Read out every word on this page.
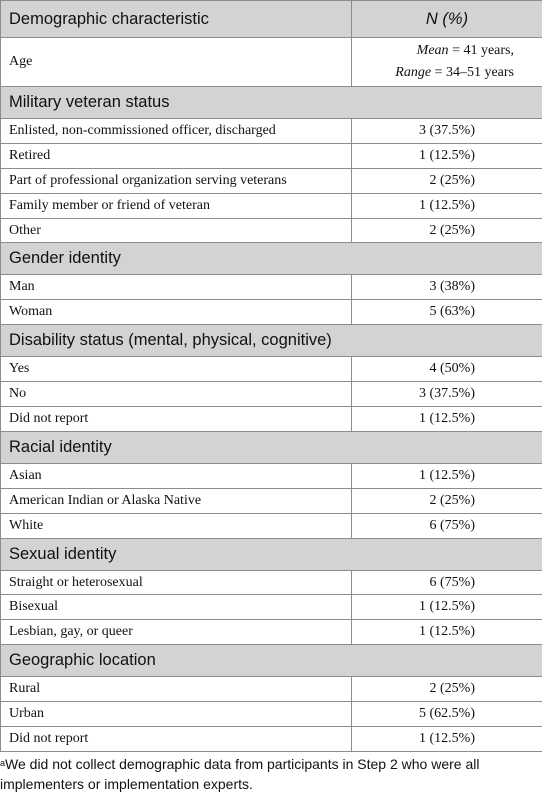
Demographic characteristic	N (%)
Age	Mean = 41 years,
Range = 34–51 years
Military veteran status	
Enlisted, non-commissioned officer, discharged	3 (37.5%)
Retired	1 (12.5%)
Part of professional organization serving veterans	2 (25%)
Family member or friend of veteran	1 (12.5%)
Other	2 (25%)
Gender identity	
Man	3 (38%)
Woman	5 (63%)
Disability status (mental, physical, cognitive)	
Yes	4 (50%)
No	3 (37.5%)
Did not report	1 (12.5%)
Racial identity	
Asian	1 (12.5%)
American Indian or Alaska Native	2 (25%)
White	6 (75%)
Sexual identity	
Straight or heterosexual	6 (75%)
Bisexual	1 (12.5%)
Lesbian, gay, or queer	1 (12.5%)
Geographic location	
Rural	2 (25%)
Urban	5 (62.5%)
Did not report	1 (12.5%)
$^a$We did not collect demographic data from participants in Step 2 who were all implementers or implementation experts.
